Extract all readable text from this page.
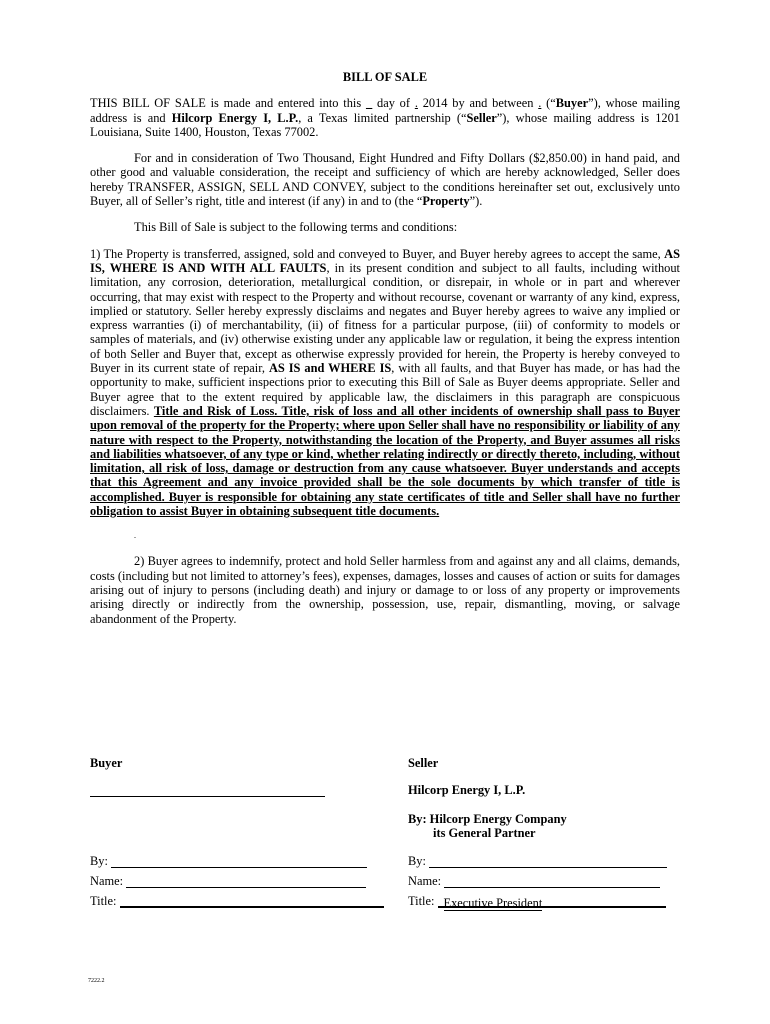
BILL OF SALE

THIS BILL OF SALE is made and entered into this _ day of . 2014 by and between . (“Buyer”), whose mailing address is and Hilcorp Energy I, L.P., a Texas limited partnership (“Seller”), whose mailing address is 1201 Louisiana, Suite 1400, Houston, Texas 77002.

For and in consideration of Two Thousand, Eight Hundred and Fifty Dollars ($2,850.00) in hand paid, and other good and valuable consideration, the receipt and sufficiency of which are hereby acknowledged, Seller does hereby TRANSFER, ASSIGN, SELL AND CONVEY, subject to the conditions hereinafter set out, exclusively unto Buyer, all of Seller’s right, title and interest (if any) in and to (the “Property”).

This Bill of Sale is subject to the following terms and conditions:

1) The Property is transferred, assigned, sold and conveyed to Buyer, and Buyer hereby agrees to accept the same, AS IS, WHERE IS AND WITH ALL FAULTS, in its present condition and subject to all faults, including without limitation, any corrosion, deterioration, metallurgical condition, or disrepair, in whole or in part and wherever occurring, that may exist with respect to the Property and without recourse, covenant or warranty of any kind, express, implied or statutory. Seller hereby expressly disclaims and negates and Buyer hereby agrees to waive any implied or express warranties (i) of merchantability, (ii) of fitness for a particular purpose, (iii) of conformity to models or samples of materials, and (iv) otherwise existing under any applicable law or regulation, it being the express intention of both Seller and Buyer that, except as otherwise expressly provided for herein, the Property is hereby conveyed to Buyer in its current state of repair, AS IS and WHERE IS, with all faults, and that Buyer has made, or has had the opportunity to make, sufficient inspections prior to executing this Bill of Sale as Buyer deems appropriate. Seller and Buyer agree that to the extent required by applicable law, the disclaimers in this paragraph are conspicuous disclaimers. Title and Risk of Loss. Title, risk of loss and all other incidents of ownership shall pass to Buyer upon removal of the property for the Property; where upon Seller shall have no responsibility or liability of any nature with respect to the Property, notwithstanding the location of the Property, and Buyer assumes all risks and liabilities whatsoever, of any type or kind, whether relating indirectly or directly thereto, including, without limitation, all risk of loss, damage or destruction from any cause whatsoever. Buyer understands and accepts that this Agreement and any invoice provided shall be the sole documents by which transfer of title is accomplished. Buyer is responsible for obtaining any state certificates of title and Seller shall have no further obligation to assist Buyer in obtaining subsequent title documents.

.

2) Buyer agrees to indemnify, protect and hold Seller harmless from and against any and all claims, demands, costs (including but not limited to attorney’s fees), expenses, damages, losses and causes of action or suits for damages arising out of injury to persons (including death) and injury or damage to or loss of any property or improvements arising directly or indirectly from the ownership, possession, use, repair, dismantling, moving, or salvage abandonment of the Property.

Buyer
By:
Name:
Title:
Seller
Hilcorp Energy I, L.P.
By: Hilcorp Energy Company
its General Partner
By:
Name:
Title: Executive President
7222.2
